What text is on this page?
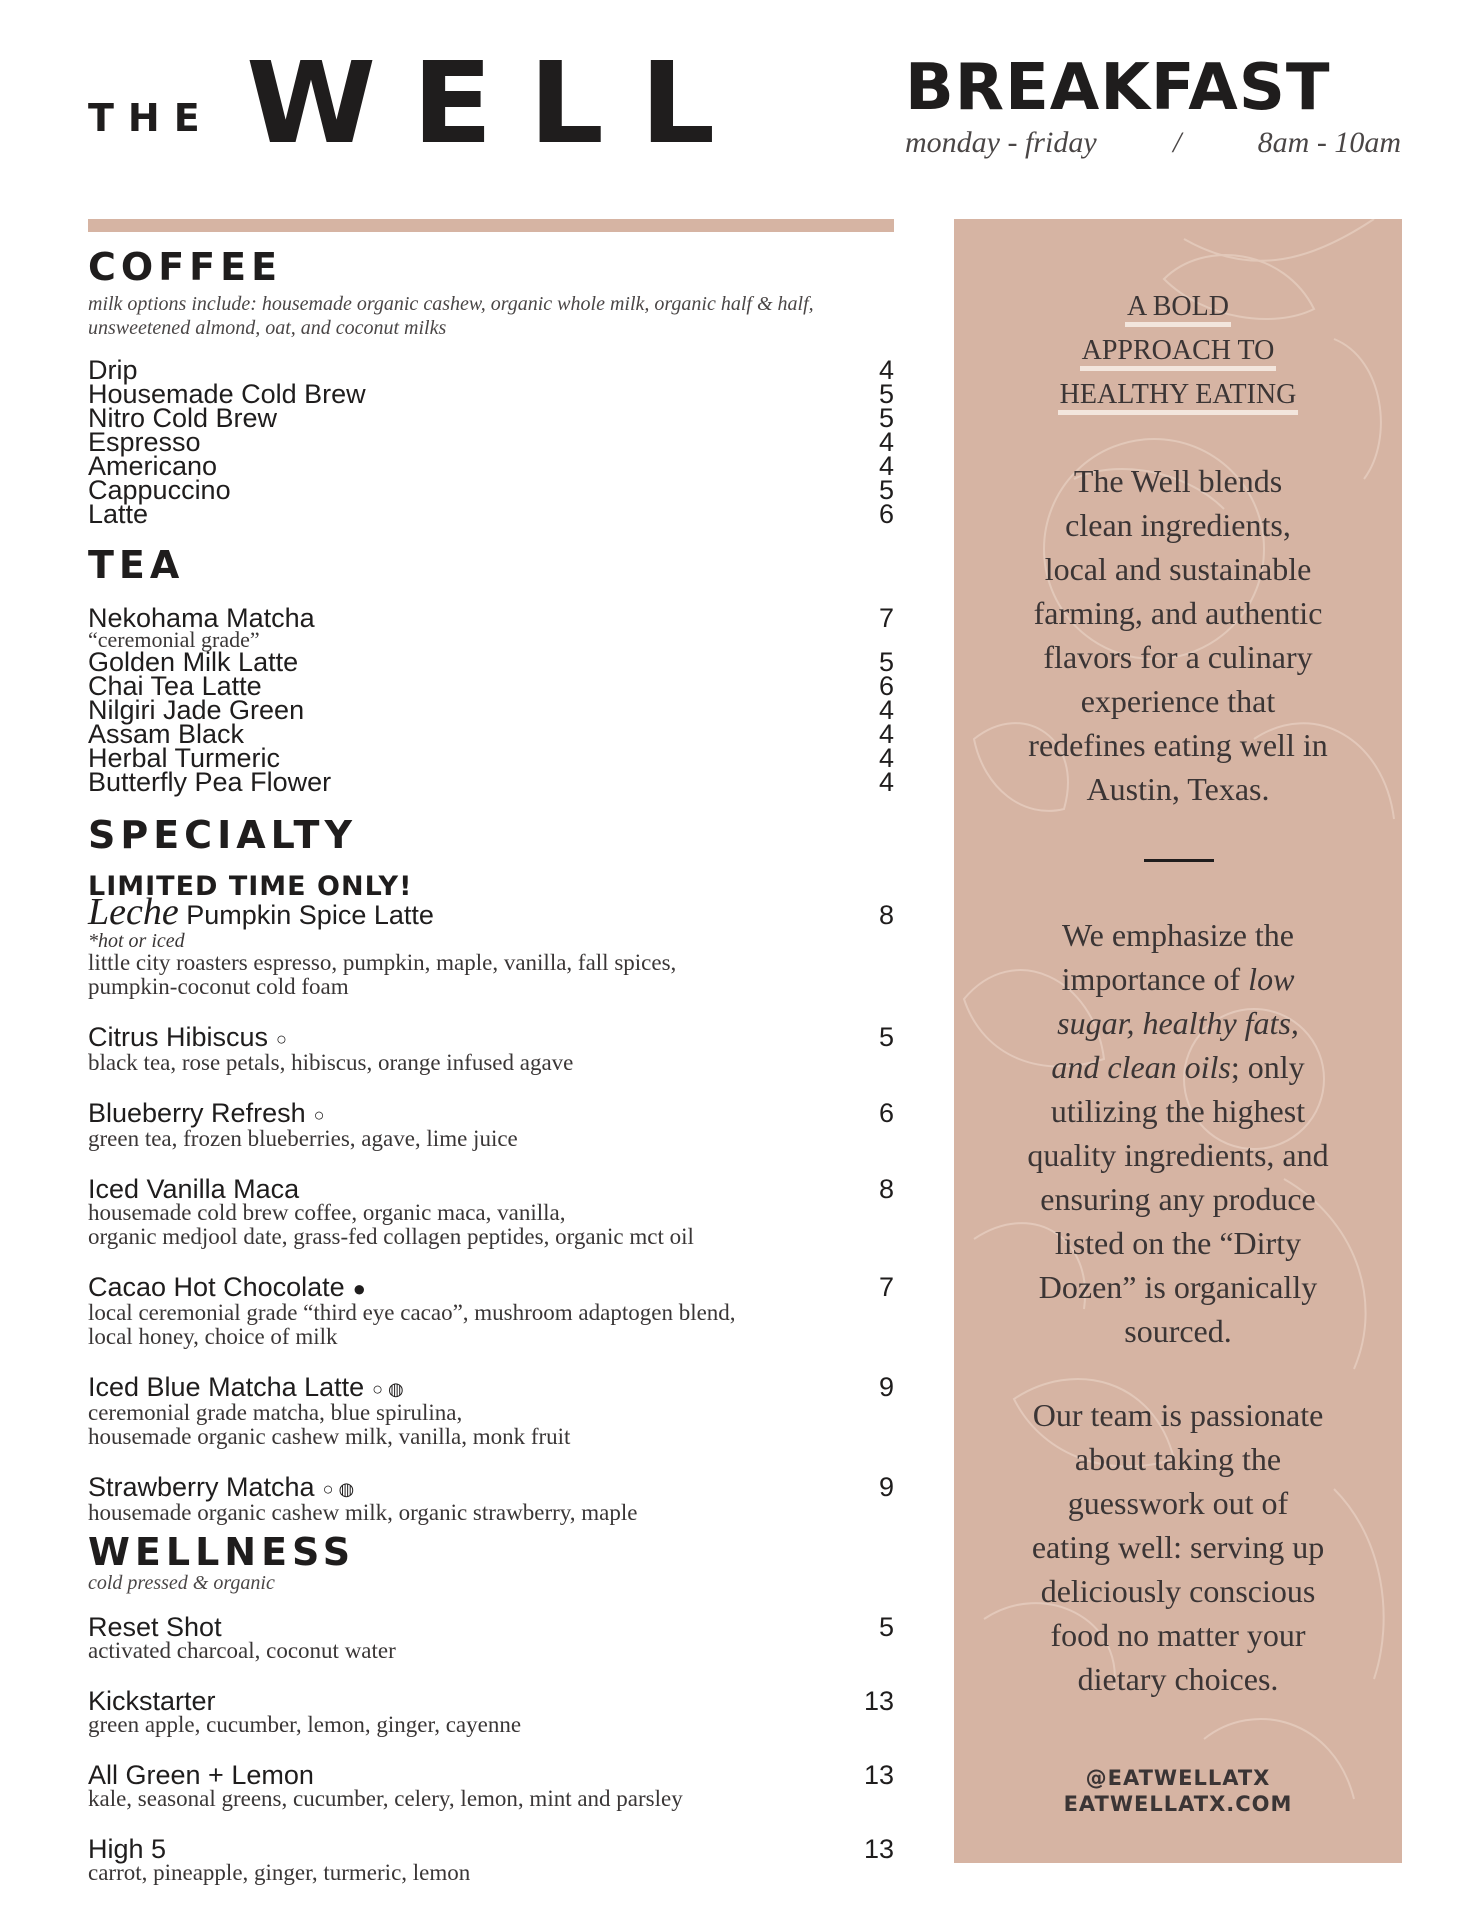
THE WELL BREAKFAST
monday - friday	/	8am - 10am
COFFEE
milk options include: housemade organic cashew, organic whole milk, organic half & half, unsweetened almond, oat, and coconut milks
Drip	4
Housemade Cold Brew	5
Nitro Cold Brew	5
Espresso	4
Americano	4
Cappuccino	5
Latte	6
TEA
Nekohama Matcha	7
“ceremonial grade”
Golden Milk Latte	5
Chai Tea Latte	6
Nilgiri Jade Green	4
Assam Black	4
Herbal Turmeric	4
Butterfly Pea Flower	4
SPECIALTY
LIMITED TIME ONLY!
Leche Pumpkin Spice Latte	8
*hot or iced
little city roasters espresso, pumpkin, maple, vanilla, fall spices,
pumpkin-coconut cold foam
Citrus Hibiscus ○	5
black tea, rose petals, hibiscus, orange infused agave
Blueberry Refresh ○	6
green tea, frozen blueberries, agave, lime juice
Iced Vanilla Maca	8
housemade cold brew coffee, organic maca, vanilla,
organic medjool date, grass-fed collagen peptides, organic mct oil
Cacao Hot Chocolate ●	7
local ceremonial grade “third eye cacao”, mushroom adaptogen blend,
local honey, choice of milk
Iced Blue Matcha Latte ○ ◍	9
ceremonial grade matcha, blue spirulina,
housemade organic cashew milk, vanilla, monk fruit
Strawberry Matcha ○ ◍	9
housemade organic cashew milk, organic strawberry, maple
WELLNESS
cold pressed & organic
Reset Shot	5
activated charcoal, coconut water
Kickstarter	13
green apple, cucumber, lemon, ginger, cayenne
All Green + Lemon	13
kale, seasonal greens, cucumber, celery, lemon, mint and parsley
High 5	13
carrot, pineapple, ginger, turmeric, lemon
A BOLD
APPROACH TO
HEALTHY EATING
The Well blends
clean ingredients,
local and sustainable
farming, and authentic
flavors for a culinary
experience that
redefines eating well in
Austin, Texas.
We emphasize the
importance of low
sugar, healthy fats,
and clean oils; only
utilizing the highest
quality ingredients, and
ensuring any produce
listed on the “Dirty
Dozen” is organically
sourced.
Our team is passionate
about taking the
guesswork out of
eating well: serving up
deliciously conscious
food no matter your
dietary choices.
@EATWELLATX
EATWELLATX.COM
